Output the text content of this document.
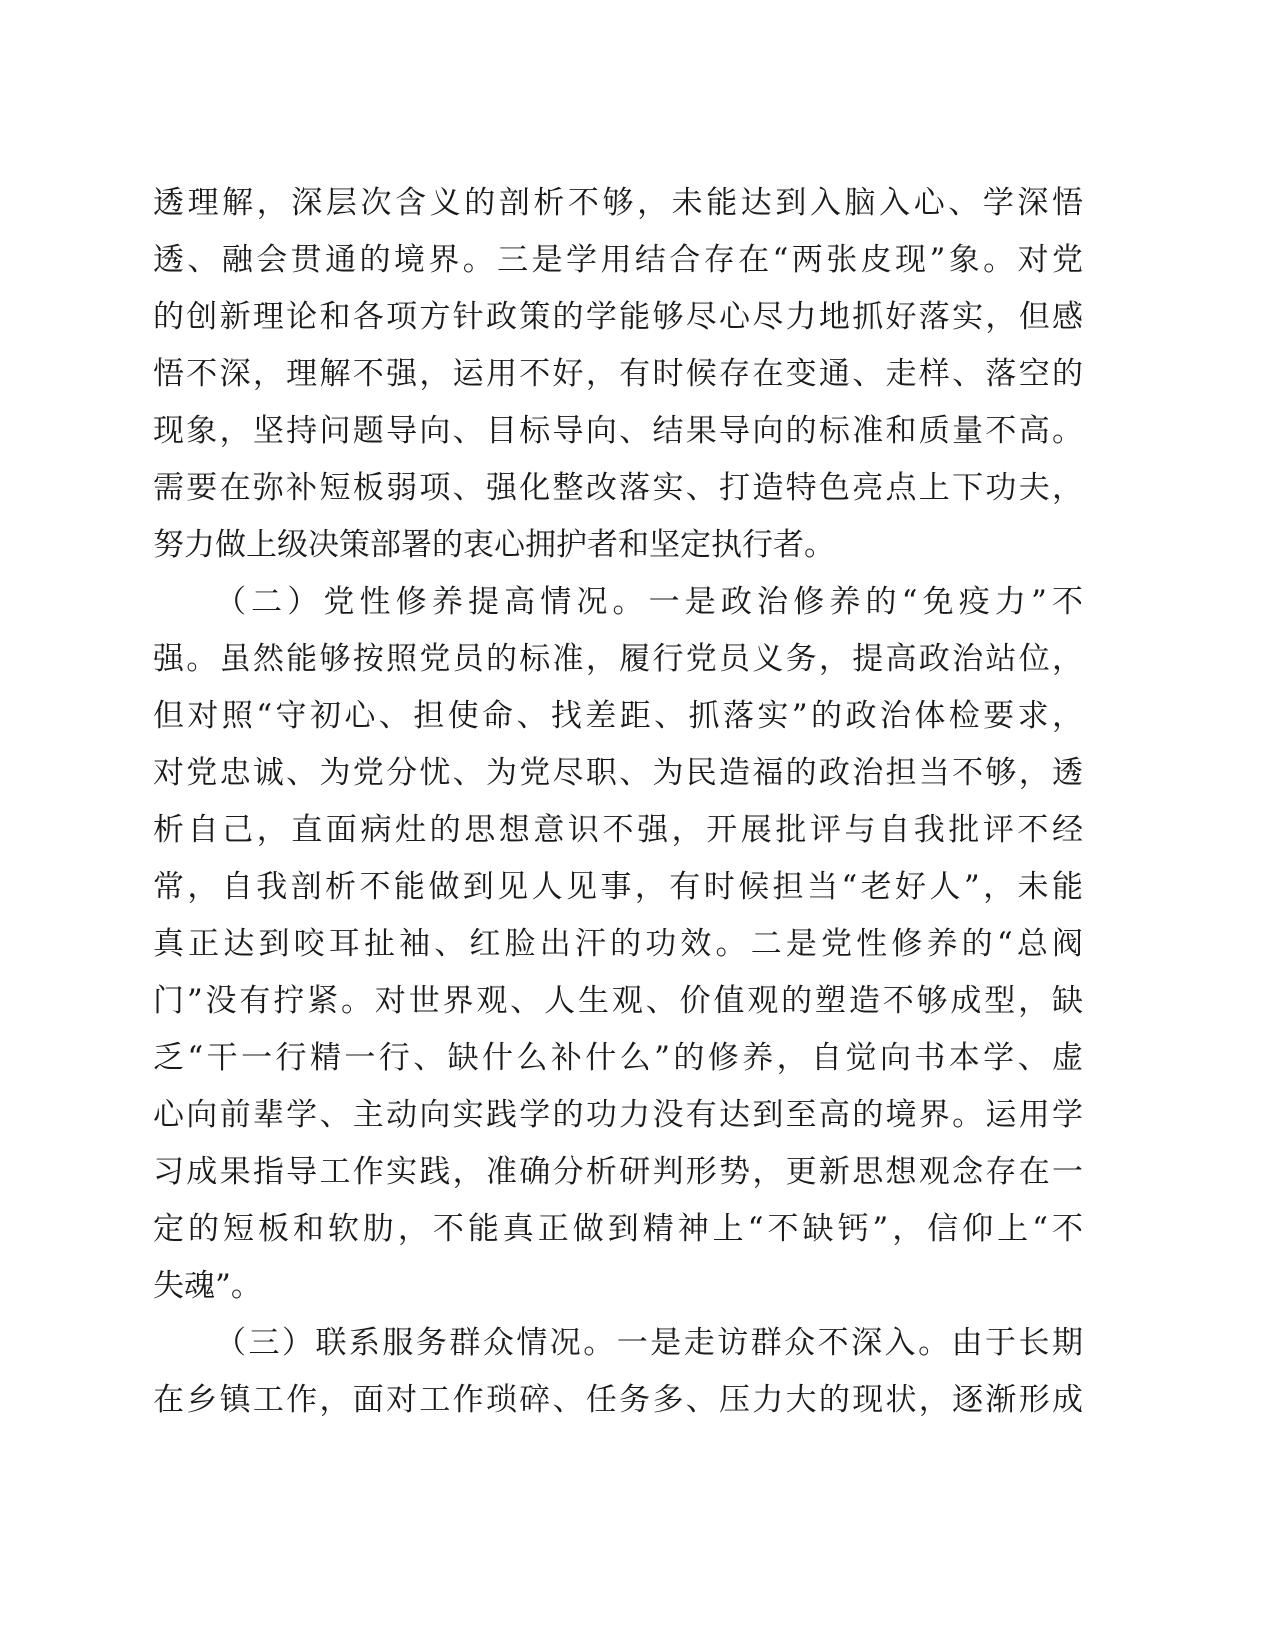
透理解，深层次含义的剖析不够，未能达到入脑入心、学深悟
透、融会贯通的境界。三是学用结合存在“两张皮现”象。对党
的创新理论和各项方针政策的学能够尽心尽力地抓好落实，但感
悟不深，理解不强，运用不好，有时候存在变通、走样、落空的
现象，坚持问题导向、目标导向、结果导向的标准和质量不高。
需要在弥补短板弱项、强化整改落实、打造特色亮点上下功夫，
努力做上级决策部署的衷心拥护者和坚定执行者。
（二）党性修养提高情况。一是政治修养的“免疫力”不
强。虽然能够按照党员的标准，履行党员义务，提高政治站位，
但对照“守初心、担使命、找差距、抓落实”的政治体检要求，
对党忠诚、为党分忧、为党尽职、为民造福的政治担当不够，透
析自己，直面病灶的思想意识不强，开展批评与自我批评不经
常，自我剖析不能做到见人见事，有时候担当“老好人”，未能
真正达到咬耳扯袖、红脸出汗的功效。二是党性修养的“总阀
门”没有拧紧。对世界观、人生观、价值观的塑造不够成型，缺
乏“干一行精一行、缺什么补什么”的修养，自觉向书本学、虚
心向前辈学、主动向实践学的功力没有达到至高的境界。运用学
习成果指导工作实践，准确分析研判形势，更新思想观念存在一
定的短板和软肋，不能真正做到精神上“不缺钙”，信仰上“不
失魂”。
（三）联系服务群众情况。一是走访群众不深入。由于长期
在乡镇工作，面对工作琐碎、任务多、压力大的现状，逐渐形成
